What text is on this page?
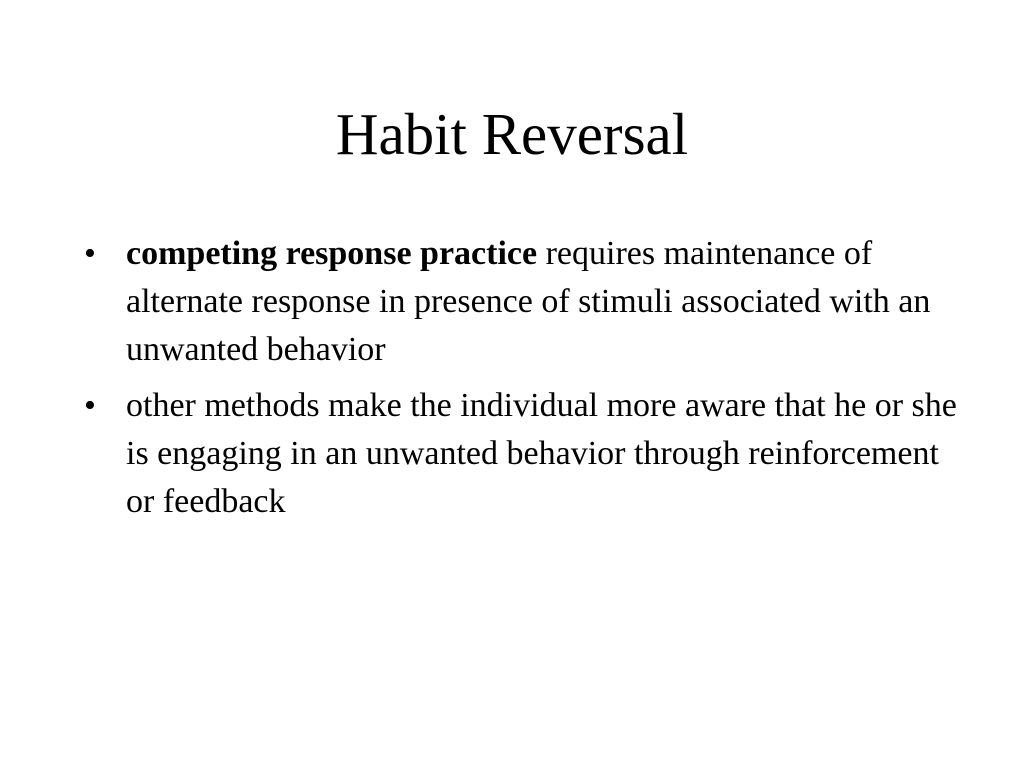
Habit Reversal
• competing response practice requires maintenance of alternate response in presence of stimuli associated with an unwanted behavior
• other methods make the individual more aware that he or she is engaging in an unwanted behavior through reinforcement or feedback
